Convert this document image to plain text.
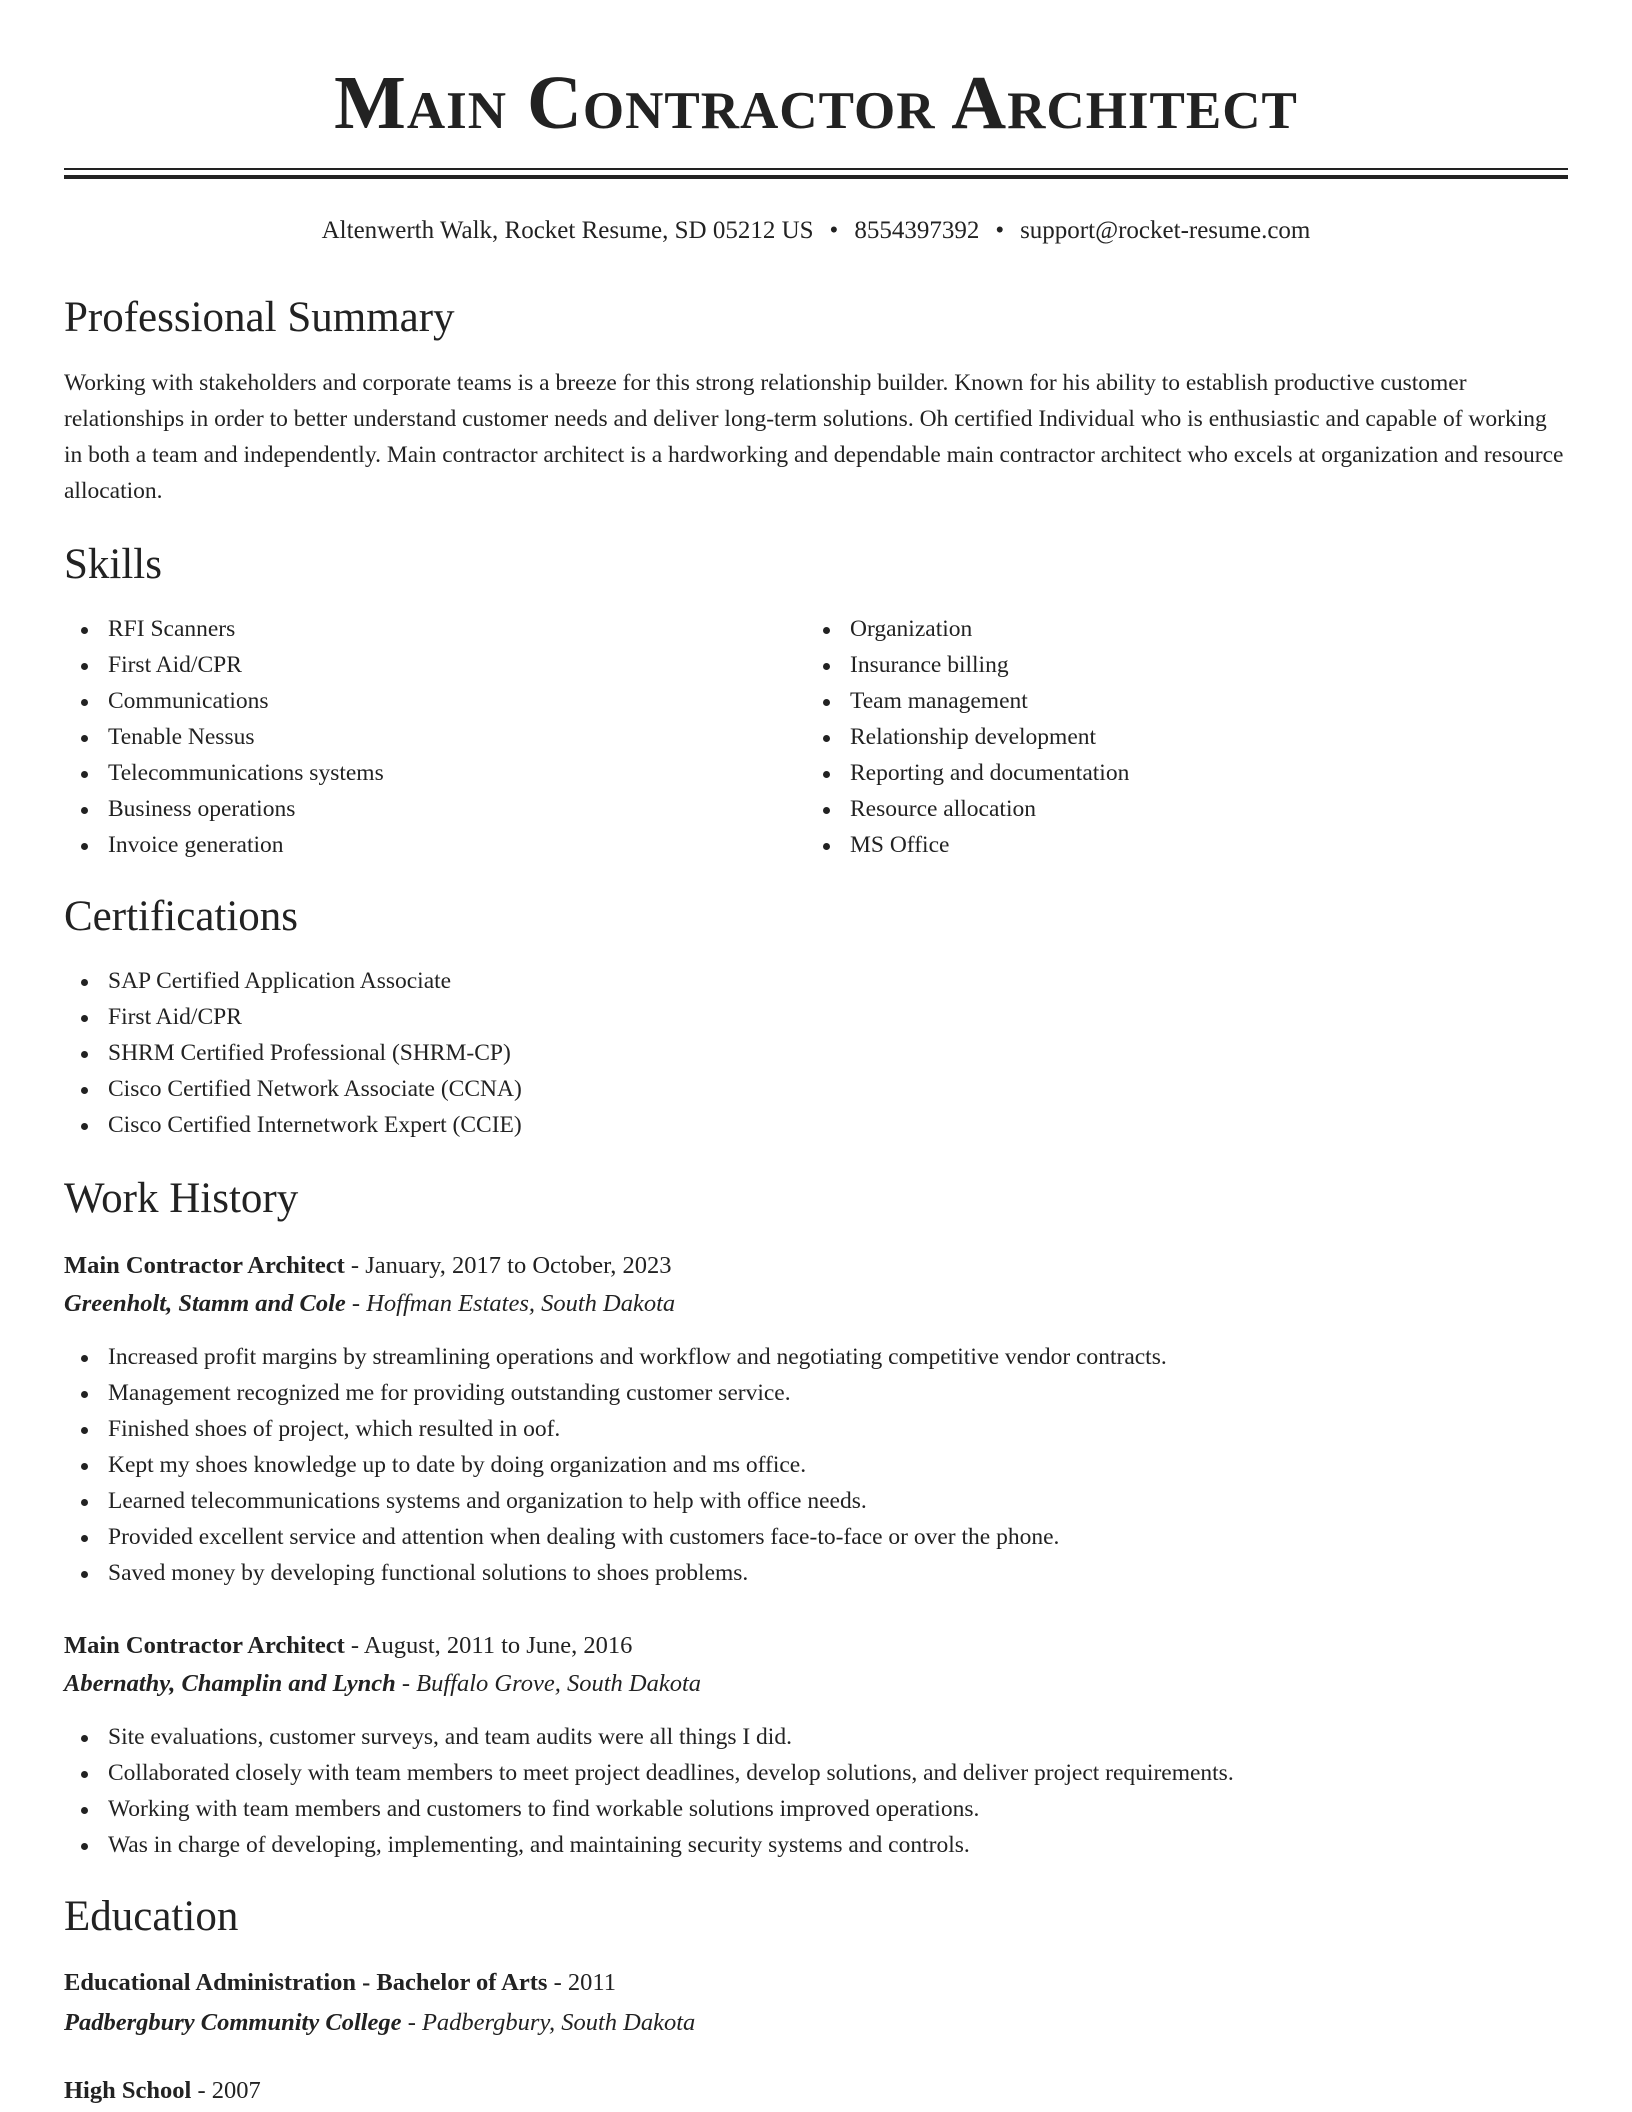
Main Contractor Architect
Altenwerth Walk, Rocket Resume, SD 05212 US • 8554397392 • support@rocket-resume.com
Professional Summary
Working with stakeholders and corporate teams is a breeze for this strong relationship builder. Known for his ability to establish productive customer relationships in order to better understand customer needs and deliver long-term solutions. Oh certified Individual who is enthusiastic and capable of working in both a team and independently. Main contractor architect is a hardworking and dependable main contractor architect who excels at organization and resource allocation.
Skills
RFI Scanners
First Aid/CPR
Communications
Tenable Nessus
Telecommunications systems
Business operations
Invoice generation
Organization
Insurance billing
Team management
Relationship development
Reporting and documentation
Resource allocation
MS Office
Certifications
SAP Certified Application Associate
First Aid/CPR
SHRM Certified Professional (SHRM-CP)
Cisco Certified Network Associate (CCNA)
Cisco Certified Internetwork Expert (CCIE)
Work History
Main Contractor Architect - January, 2017 to October, 2023
Greenholt, Stamm and Cole - Hoffman Estates, South Dakota
Increased profit margins by streamlining operations and workflow and negotiating competitive vendor contracts.
Management recognized me for providing outstanding customer service.
Finished shoes of project, which resulted in oof.
Kept my shoes knowledge up to date by doing organization and ms office.
Learned telecommunications systems and organization to help with office needs.
Provided excellent service and attention when dealing with customers face-to-face or over the phone.
Saved money by developing functional solutions to shoes problems.
Main Contractor Architect - August, 2011 to June, 2016
Abernathy, Champlin and Lynch - Buffalo Grove, South Dakota
Site evaluations, customer surveys, and team audits were all things I did.
Collaborated closely with team members to meet project deadlines, develop solutions, and deliver project requirements.
Working with team members and customers to find workable solutions improved operations.
Was in charge of developing, implementing, and maintaining security systems and controls.
Education
Educational Administration - Bachelor of Arts - 2011
Padbergbury Community College - Padbergbury, South Dakota
High School - 2007
